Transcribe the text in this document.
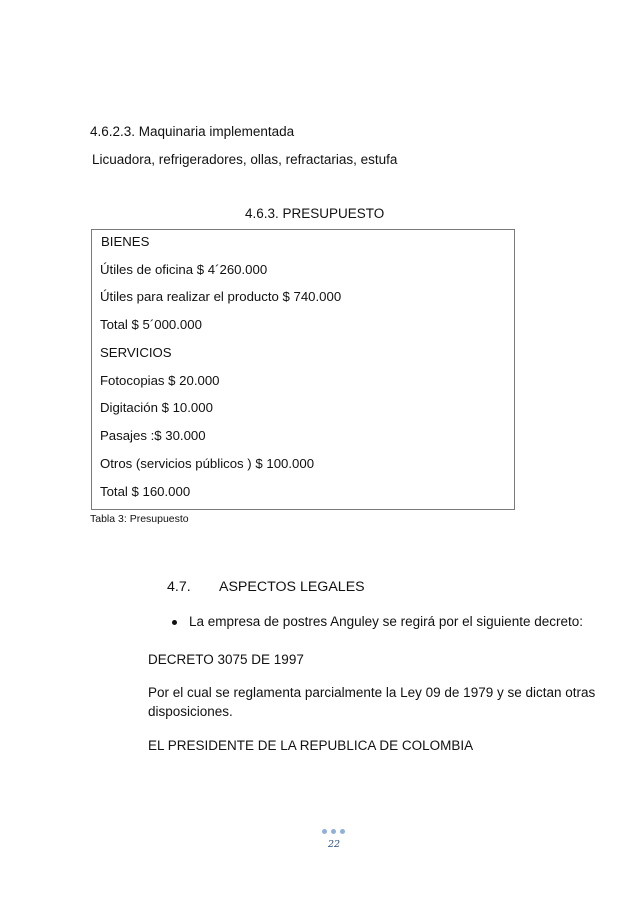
4.6.2.3. Maquinaria implementada
Licuadora, refrigeradores, ollas, refractarias, estufa
4.6.3. PRESUPUESTO
BIENES
Útiles de oficina $ 4´260.000
Útiles para realizar el producto $ 740.000
Total $ 5´000.000
SERVICIOS
Fotocopias $ 20.000
Digitación $ 10.000
Pasajes :$ 30.000
Otros (servicios públicos ) $ 100.000
Total $ 160.000
Tabla 3: Presupuesto
4.7. ASPECTOS LEGALES
La empresa de postres Anguley se regirá por el siguiente decreto:
DECRETO 3075 DE 1997
Por el cual se reglamenta parcialmente la Ley 09 de 1979 y se dictan otras
disposiciones.
EL PRESIDENTE DE LA REPUBLICA DE COLOMBIA
22
